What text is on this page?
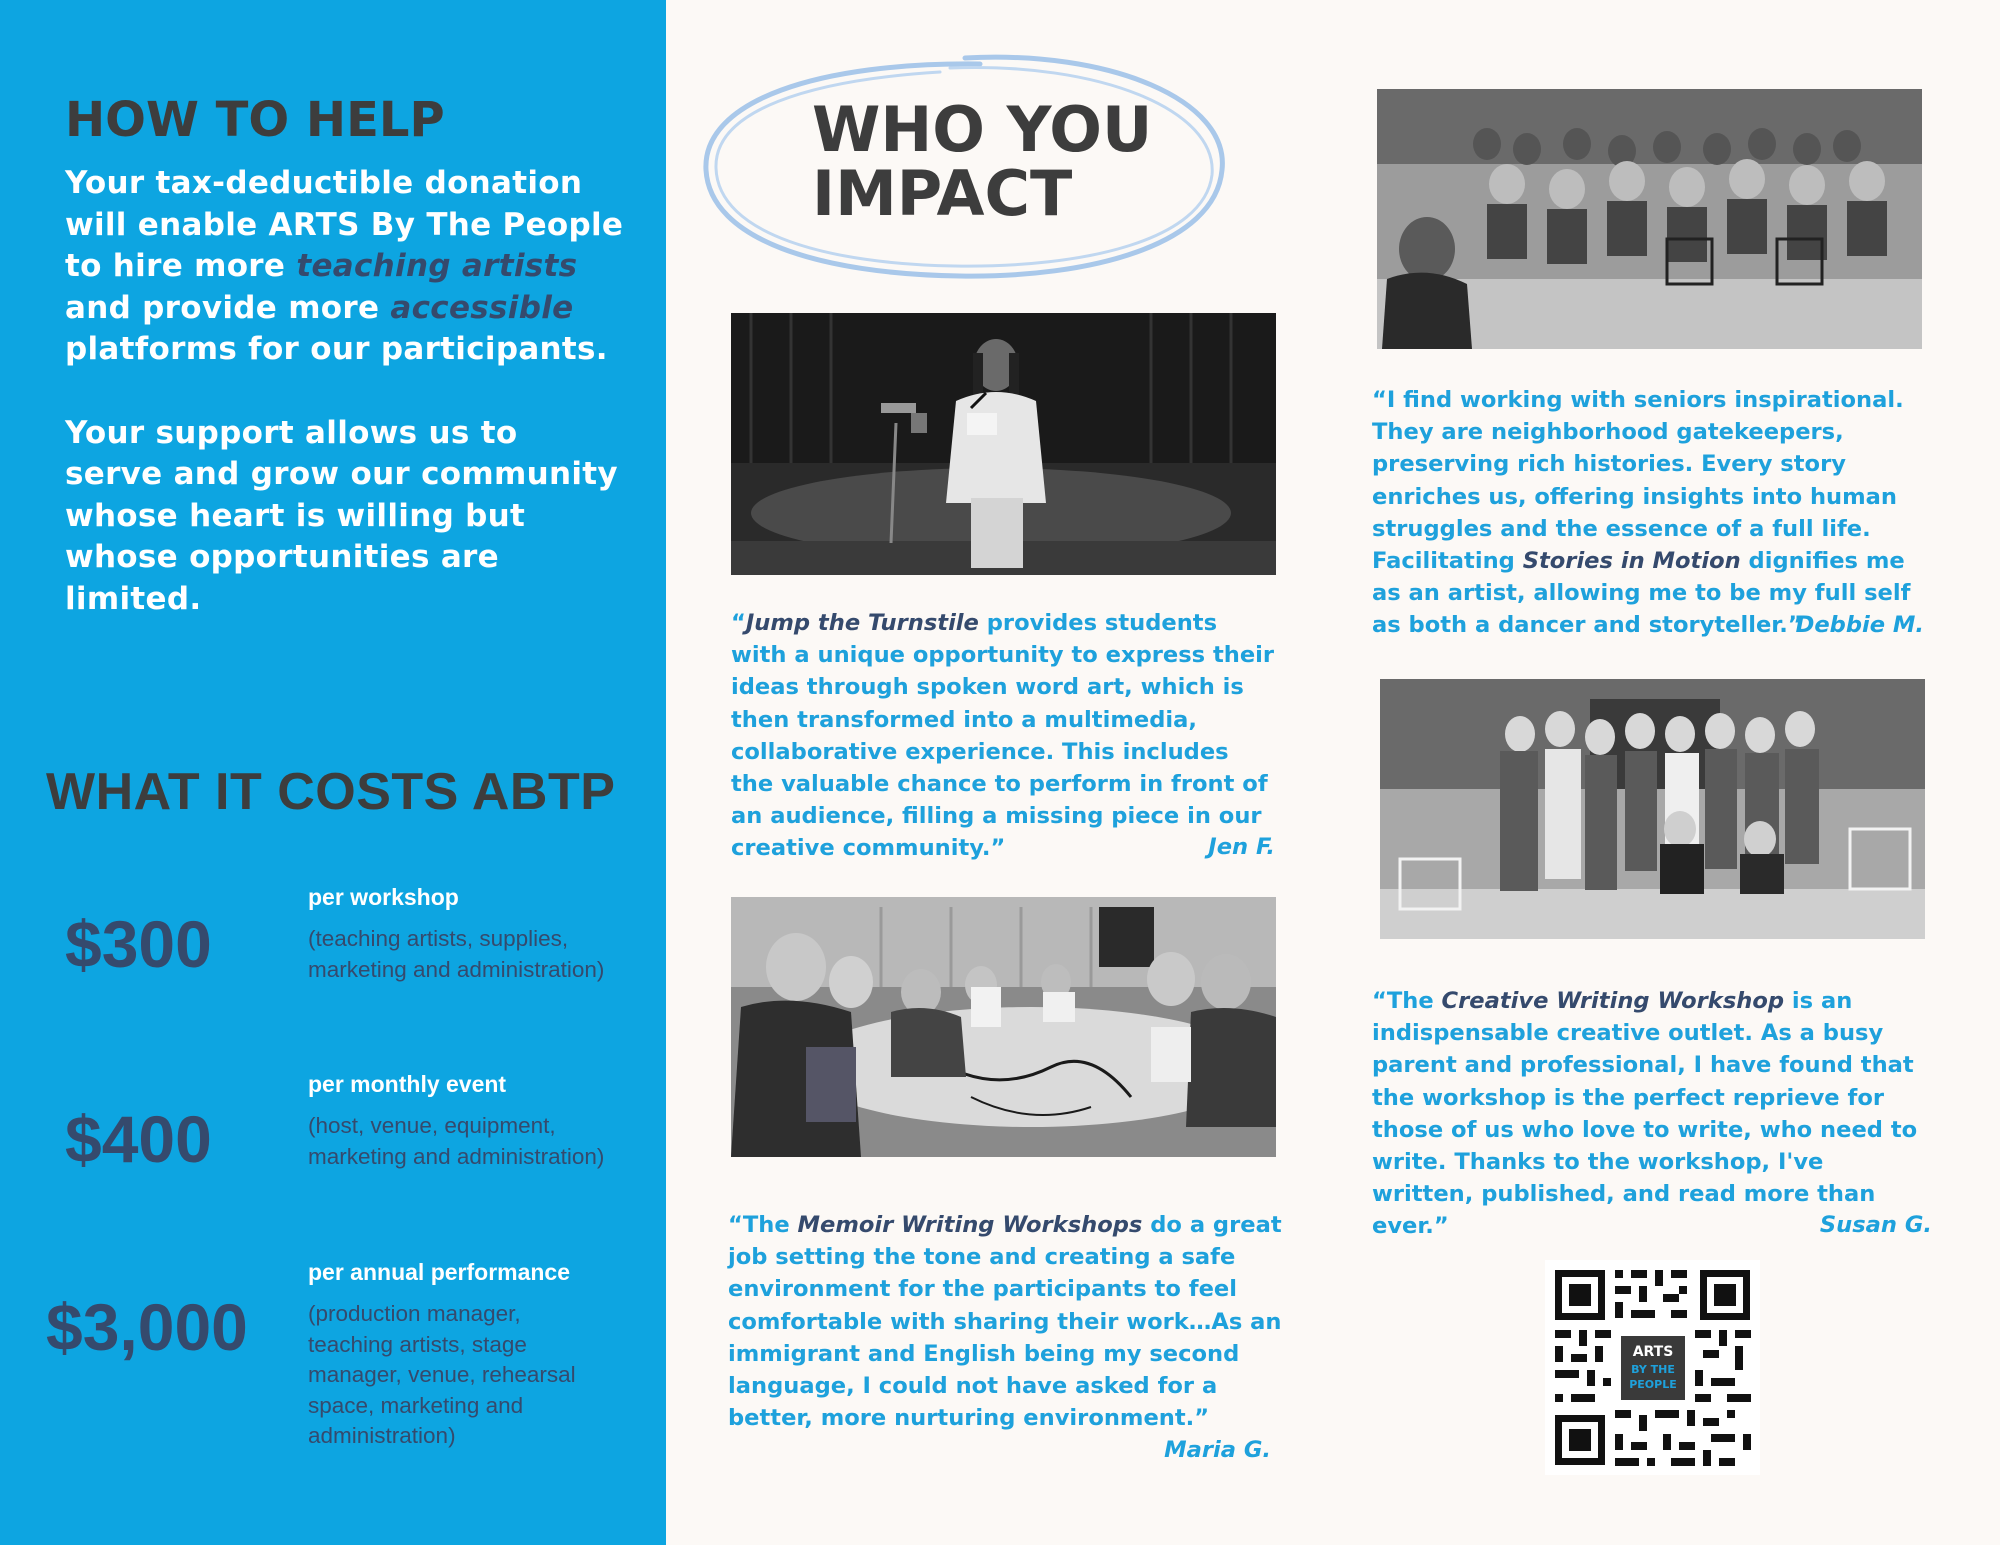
HOW TO HELP

Your tax-deductible donation will enable ARTS By The People to hire more teaching artists and provide more accessible platforms for our participants.

Your support allows us to serve and grow our community whose heart is willing but whose opportunities are limited.

WHAT IT COSTS ABTP
$300
per workshop
(teaching artists, supplies, marketing and administration)
$400
per monthly event
(host, venue, equipment, marketing and administration)
$3,000
per annual performance
(production manager, teaching artists, stage manager, venue, rehearsal space, marketing and administration)
WHO YOU
IMPACT
“Jump the Turnstile provides students with a unique opportunity to express their ideas through spoken word art, which is then transformed into a multimedia, collaborative experience. This includes the valuable chance to perform in front of an audience, filling a missing piece in our creative community.”	Jen F.
“The Memoir Writing Workshops do a great job setting the tone and creating a safe environment for the participants to feel comfortable with sharing their work…As an immigrant and English being my second language, I could not have asked for a better, more nurturing environment.”
Maria G.
“I find working with seniors inspirational. They are neighborhood gatekeepers, preserving rich histories. Every story enriches us, offering insights into human struggles and the essence of a full life. Facilitating Stories in Motion dignifies me as an artist, allowing me to be my full self as both a dancer and storyteller.”
Debbie M.
“The Creative Writing Workshop is an indispensable creative outlet. As a busy parent and professional, I have found that the workshop is the perfect reprieve for those of us who love to write, who need to write. Thanks to the workshop, I've written, published, and read more than ever.”	Susan G.
ARTS
BY THE
PEOPLE
